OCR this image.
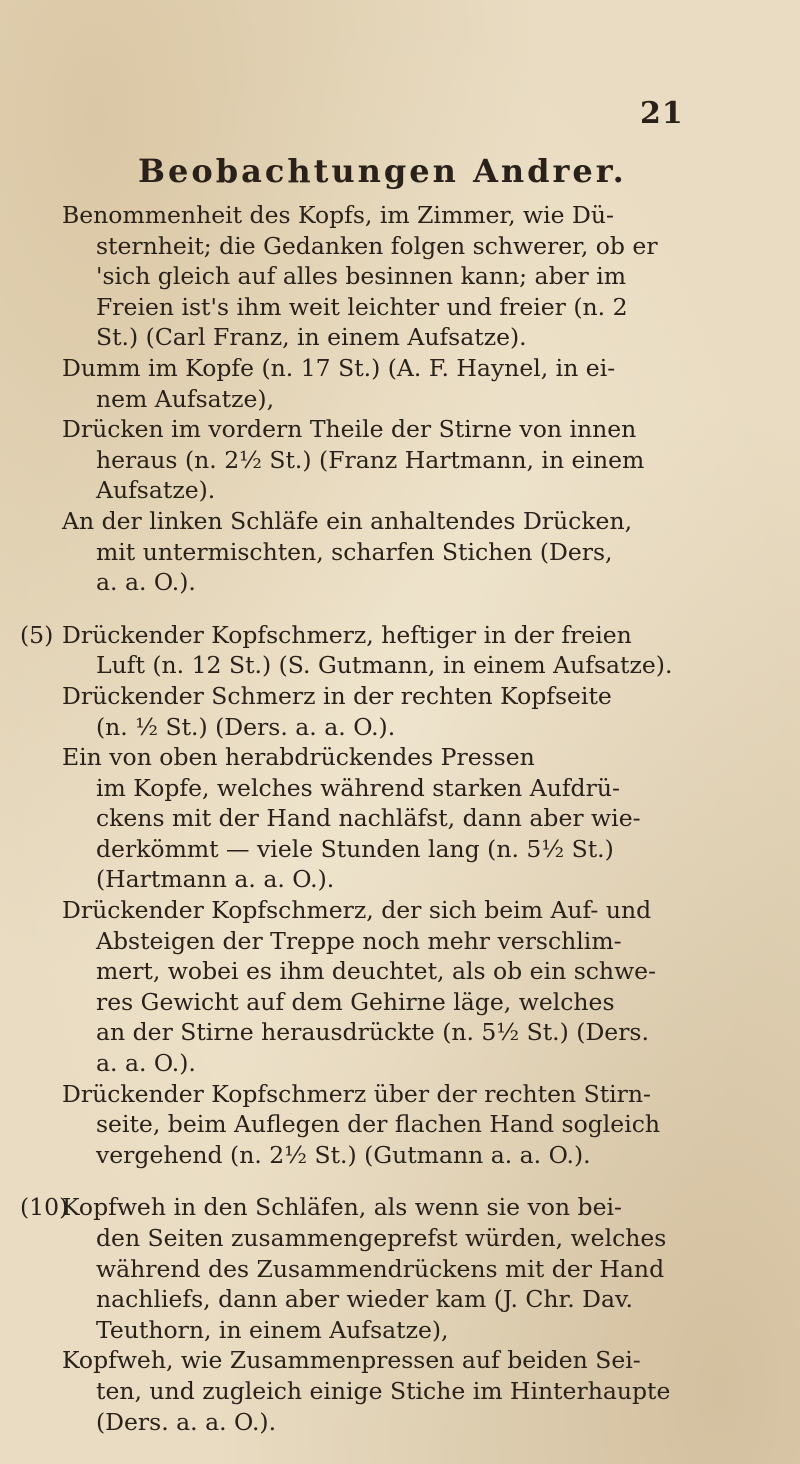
21
Beobachtungen Andrer.
Benommenheit des Kopfs, im Zimmer, wie Dü-
sternheit; die Gedanken folgen schwerer, ob er
'sich gleich auf alles besinnen kann; aber im
Freien ist's ihm weit leichter und freier (n. 2
St.) (Carl Franz, in einem Aufsatze).
Dumm im Kopfe (n. 17 St.) (A. F. Haynel, in ei-
nem Aufsatze),
Drücken im vordern Theile der Stirne von innen
heraus (n. 2½ St.) (Franz Hartmann, in einem
Aufsatze).
An der linken Schläfe ein anhaltendes Drücken,
mit untermischten, scharfen Stichen (Ders,
a. a. O.).
(5) Drückender Kopfschmerz, heftiger in der freien
Luft (n. 12 St.) (S. Gutmann, in einem Aufsatze).
Drückender Schmerz in der rechten Kopfseite
(n. ½ St.) (Ders. a. a. O.).
Ein von oben herabdrückendes Pressen
im Kopfe, welches während starken Aufdrü-
ckens mit der Hand nachläfst, dann aber wie-
derkömmt — viele Stunden lang (n. 5½ St.)
(Hartmann a. a. O.).
Drückender Kopfschmerz, der sich beim Auf- und
Absteigen der Treppe noch mehr verschlim-
mert, wobei es ihm deuchtet, als ob ein schwe-
res Gewicht auf dem Gehirne läge, welches
an der Stirne herausdrückte (n. 5½ St.) (Ders.
a. a. O.).
Drückender Kopfschmerz über der rechten Stirn-
seite, beim Auflegen der flachen Hand sogleich
vergehend (n. 2½ St.) (Gutmann a. a. O.).
(10)
Kopfweh in den Schläfen, als wenn sie von bei-
den Seiten zusammengeprefst würden, welches
während des Zusammendrückens mit der Hand
nachliefs, dann aber wieder kam (J. Chr. Dav.
Teuthorn, in einem Aufsatze),
Kopfweh, wie Zusammenpressen auf beiden Sei-
ten, und zugleich einige Stiche im Hinterhaupte
(Ders. a. a. O.).
